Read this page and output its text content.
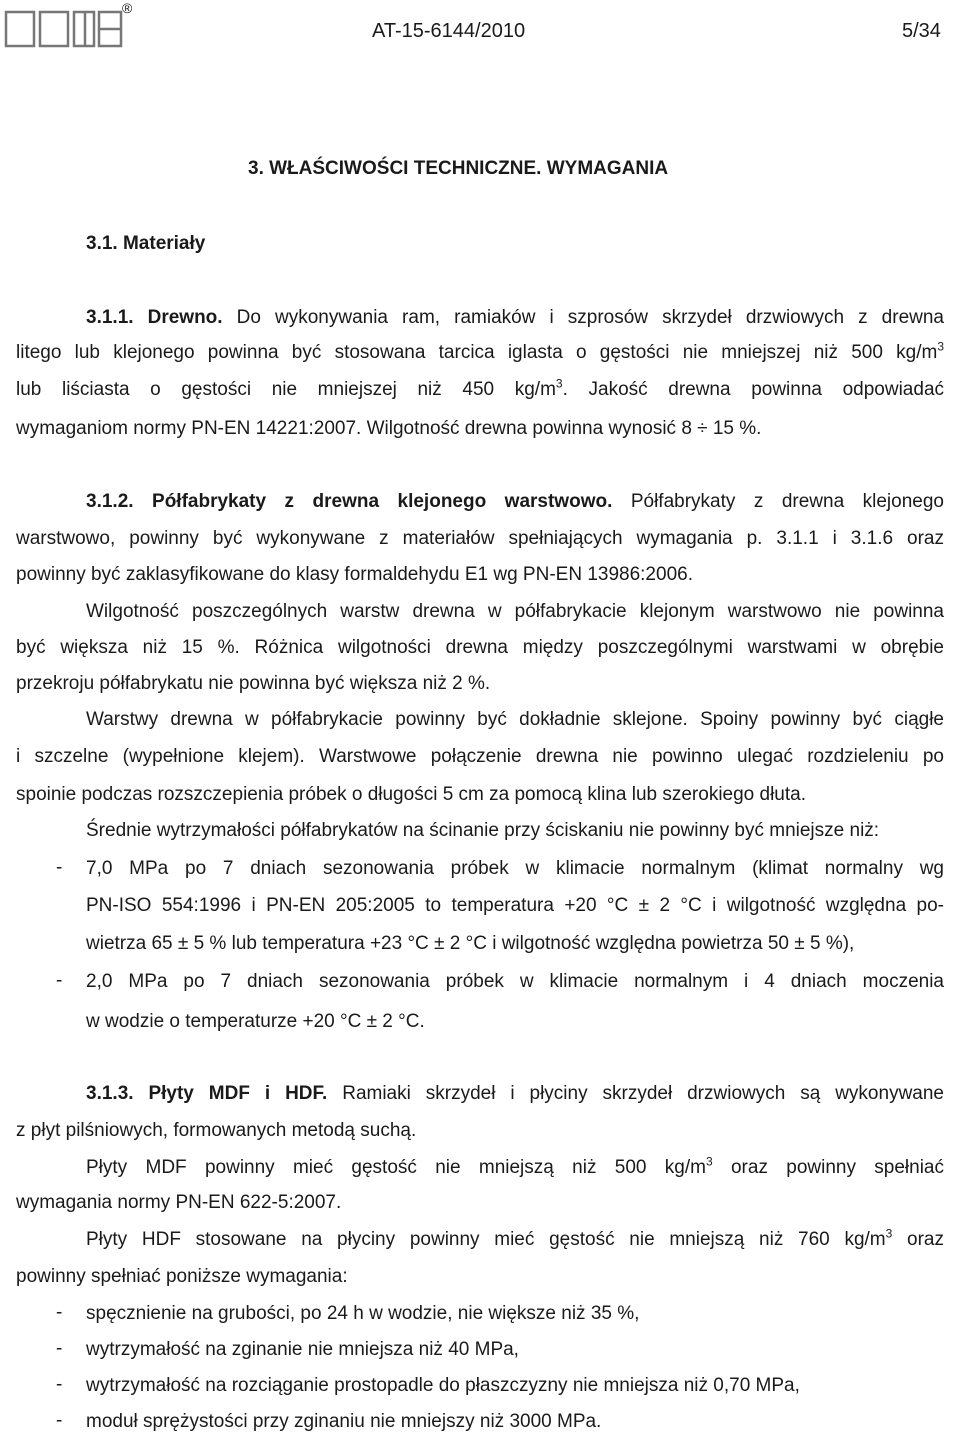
®
AT-15-6144/2010	5/34
3. WŁAŚCIWOŚCI TECHNICZNE. WYMAGANIA
3.1. Materiały
3.1.1. Drewno. Do wykonywania ram, ramiaków i szprosów skrzydeł drzwiowych z drewna
litego lub klejonego powinna być stosowana tarcica iglasta o gęstości nie mniejszej niż 500 $kg/m^3$
lub liściasta o gęstości nie mniejszej niż 450 $kg/m^3$. Jakość drewna powinna odpowiadać
wymaganiom normy PN-EN 14221:2007. Wilgotność drewna powinna wynosić 8 ÷ 15 %.
3.1.2. Półfabrykaty z drewna klejonego warstwowo. Półfabrykaty z drewna klejonego
warstwowo, powinny być wykonywane z materiałów spełniających wymagania p. 3.1.1 i 3.1.6 oraz
powinny być zaklasyfikowane do klasy formaldehydu E1 wg PN-EN 13986:2006.
Wilgotność poszczególnych warstw drewna w półfabrykacie klejonym warstwowo nie powinna
być większa niż 15 %. Różnica wilgotności drewna między poszczególnymi warstwami w obrębie
przekroju półfabrykatu nie powinna być większa niż 2 %.
Warstwy drewna w półfabrykacie powinny być dokładnie sklejone. Spoiny powinny być ciągłe
i szczelne (wypełnione klejem). Warstwowe połączenie drewna nie powinno ulegać rozdzieleniu po
spoinie podczas rozszczepienia próbek o długości 5 cm za pomocą klina lub szerokiego dłuta.
Średnie wytrzymałości półfabrykatów na ścinanie przy ściskaniu nie powinny być mniejsze niż:
- 7,0 MPa po 7 dniach sezonowania próbek w klimacie normalnym (klimat normalny wg
PN-ISO 554:1996 i PN-EN 205:2005 to temperatura +20 °C ± 2 °C i wilgotność względna po-
wietrza 65 ± 5 % lub temperatura +23 °C ± 2 °C i wilgotność względna powietrza 50 ± 5 %),
- 2,0 MPa po 7 dniach sezonowania próbek w klimacie normalnym i 4 dniach moczenia
w wodzie o temperaturze +20 °C ± 2 °C.
3.1.3. Płyty MDF i HDF. Ramiaki skrzydeł i płyciny skrzydeł drzwiowych są wykonywane
z płyt pilśniowych, formowanych metodą suchą.
Płyty MDF powinny mieć gęstość nie mniejszą niż 500 $kg/m^3$ oraz powinny spełniać
wymagania normy PN-EN 622-5:2007.
Płyty HDF stosowane na płyciny powinny mieć gęstość nie mniejszą niż 760 $kg/m^3$ oraz
powinny spełniać poniższe wymagania:
- spęcznienie na grubości, po 24 h w wodzie, nie większe niż 35 %,
- wytrzymałość na zginanie nie mniejsza niż 40 MPa,
- wytrzymałość na rozciąganie prostopadle do płaszczyzny nie mniejsza niż 0,70 MPa,
- moduł sprężystości przy zginaniu nie mniejszy niż 3000 MPa.
